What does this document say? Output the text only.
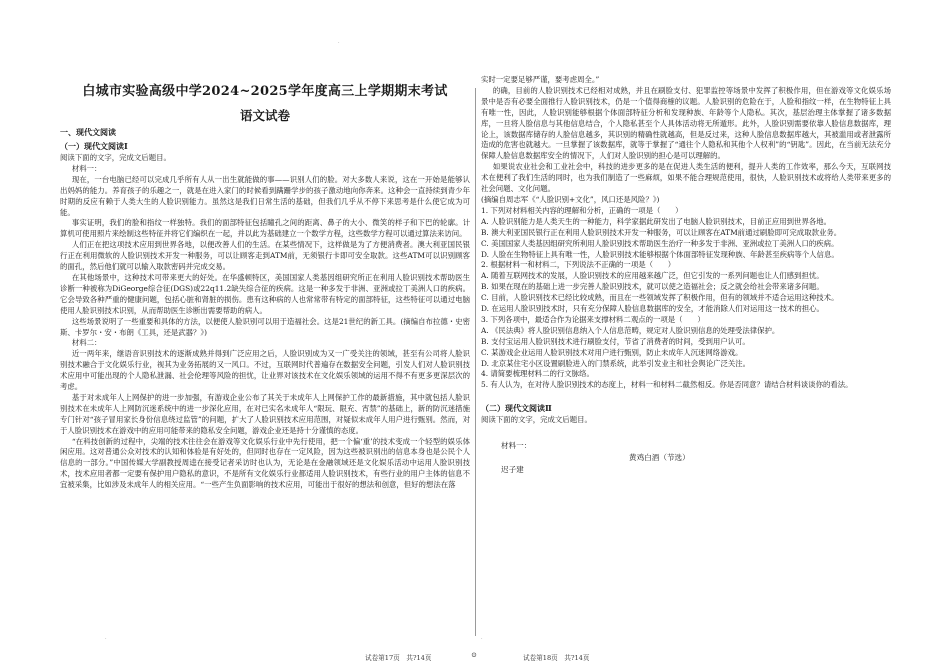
·
白城市实验高级中学2024~2025学年度高三上学期期末考试
语文试卷
一、现代文阅读
（一）现代文阅读Ⅰ

阅读下面的文字，完成文后题目。

材料一：

现在，一台电脑已经可以完成几乎所有人从一出生就能做的事——识别人们的脸。对大多数人来说，这在一开始是能够认出妈妈的能力。养育孩子的乐趣之一，就是在进入家门的时候看到蹒跚学步的孩子激动地向你奔来。这种会一直持续到青少年时期的反应有赖于人类大生的人脸识别能力。虽然这是我们日常生活的基础，但我们几乎从不停下来思考是什么使它成为可能。

事实证明，我们的脸和指纹一样独特。我们的面部特征包括瞳孔之间的距离、鼻子的大小、微笑的样子和下巴的轮廓。计算机可使用照片来绘制这些特征并将它们编织在一起，并以此为基础建立一个数学方程，这些数学方程可以通过算法来访问。

人们正在把这项技术应用到世界各地，以便改善人们的生活。在某些情况下，这样做是为了方便消费者。澳大利亚国民银行正在利用微软的人脸识别技术开发一种服务，可以让顾客走到ATM前，无须银行卡即可安全取款。这些ATM可以识别顾客的面孔，然后他们就可以输入取款密码并完成交易。

在其他场景中，这种技术可带来更大的好处。在华盛顿特区，美国国家人类基因组研究所正在利用人脸识别技术帮助医生诊断一种被称为DiGeorge综合征(DGS)或22q11.2缺失综合征的疾病。这是一种多发于非洲、亚洲或拉丁美洲人口的疾病。它会导致各种严重的健康问题，包括心脏和肾脏的损伤。患有这种病的人也常常带有特定的面部特征，这些特征可以通过电脑使用人脸识别技术识别，从而帮助医生诊断出需要帮助的病人。

这些场景说明了一些重要和具体的方法，以便使人脸识别可以用于造福社会。这是21世纪的新工具。(摘编自布拉德・史密斯、卡罗尔・安・布朗《工具，还是武器？》)

材料二：

近一两年来，继语音识别技术的逐渐成熟并得到广泛应用之后，人脸识别成为又一广受关注的领域，甚至有公司将人脸识别技术融合于文化娱乐行业，视其为业务拓展的又一风口。不过，互联网时代普遍存在数据安全问题，引发人们对人脸识别技术应用中可能出现的个人隐私泄漏、社会伦理等风险的担忧，让业界对该技术在文化娱乐领域的运用不得不有更多更深层次的考虑。

基于对未成年人上网保护的进一步加强，有游戏企业公布了其关于未成年人上网保护工作的最新措施，其中就包括人脸识别技术在未成年人上网防沉迷系统中的进一步深化应用，在对已实名未成年人“限玩、限充、宵禁”的基础上，新的防沉迷措施专门针对“孩子冒用家长身份信息绕过监管”的问题，扩大了人脸识别技术应用范围，对疑似未成年人用户进行甄别。然而，对于人脸识别技术在游戏中的应用可能带来的隐私安全问题，游戏企业还是持十分谨慎的态度。

“在科技创新的过程中，尖端的技术往往会在游戏等文化娱乐行业中先行使用，把一个偏‘重’的技术变成一个轻型的娱乐体闲应用。这对普通公众对技术的认知和体验是有好处的，但同时也存在一定风险，因为这些被识别出的信息本身也是公民个人信息的一部分。”中国传媒大学副教授周逵在接受记者采访时也认为，无论是在金融领域还是文化娱乐活动中运用人脸识别技术，技术应用者都一定要有保护用户隐私的意识，不是所有文化娱乐行业都适用人脸识别技术，有些行业的用户主体的信息不宜被采集，比如涉及未成年人的相关应用。“一些产生负面影响的技术应用，可能出于很好的想法和创意，但好的想法在落

实时一定要足够严谨，要考虑周全。”

的确，目前的人脸识别技术已经相对成熟，并且在刷脸支付、犯罪监控等场景中发挥了积极作用，但在游戏等文化娱乐场景中是否有必要全面推行人脸识别技术，仍是一个值得商榷的议题。人脸识别的危险在于，人脸和指纹一样，在生物特征上具有唯一性，因此，人脸识别能够根据个体面部特征分析和发现种族、年龄等个人隐私。其次，基层治理主体掌握了诸多数据库，一旦将人脸信息与其他信息结合，个人隐私甚至个人具体活动将无所遁形。此外，人脸识别需要依靠人脸信息数据库，理论上，该数据库储存的人脸信息越多，其识别的精确性就越高，但是反过来，这种人脸信息数据库越大，其被滥用或者泄露所造成的危害也就越大。一旦掌握了该数据库，就等于掌握了“通往个人隐私和其他个人权利”的“钥匙”。因此，在当前无法充分保障人脸信息数据库安全的情况下，人们对人脸识别的担心是可以理解的。

如果说农业社会和工业社会中，科技的进步更多的是在促进人类生活的便利，提升人类的工作效率，那么今天，互联网技术在便利了我们生活的同时，也为我们制造了一些麻烦，如果不能合理规范使用，很快，人脸识别技术或将给人类带来更多的社会问题、文化问题。

(摘编自周志军《“人脸识别+文化”，风口还是风险？》)

1. 下列对材料相关内容的理解和分析，正确的一项是（　　）

A. 人脸识别能力是人类天生的一种能力，科学家据此研发出了电脑人脸识别技术，目前正应用到世界各地。

B. 澳大利亚国民银行正在利用人脸识别技术开发一种服务，可以让顾客在ATM前通过刷脸即可完成取款业务。

C. 美国国家人类基因组研究所利用人脸识别技术帮助医生治疗一种多发于非洲、亚洲或拉丁美洲人口的疾病。

D. 人脸在生物特征上具有唯一性，人脸识别技术能够根据个体面部特征发现种族、年龄甚至疾病等个人信息。

2. 根据材料一和材料二，下列说法不正确的一项是（　　）

A. 随着互联网技术的发展，人脸识别技术的应用越来越广泛，但它引发的一系列问题也让人们感到担忧。

B. 如果在现在的基础上进一步完善人脸识别技术，就可以使之造福社会；反之就会给社会带来诸多问题。

C. 目前，人脸识别技术已经比较成熟，而且在一些领域发挥了积极作用，但有的领域并不适合运用这种技术。

D. 在运用人脸识别技术时，只有充分保障人脸信息数据库的安全，才能消除人们对运用这一技术的担心。

3. 下列各项中，最适合作为论据来支撑材料二观点的一项是（　　）

A. 《民法典》将人脸识别信息纳入个人信息范畴，规定对人脸识别信息的处理受法律保护。

B. 支付宝运用人脸识别技术进行刷脸支付，节省了消费者的时间，受到用户认可。

C. 某游戏企业运用人脸识别技术对用户进行甄别，防止未成年人沉迷网络游戏。

D. 北京某住宅小区设置刷脸进入的门禁系统，此举引发业主和社会舆论广泛关注。

4. 请简要梳理材料二的行文脉络。

5. 有人认为，在对待人脸识别技术的态度上，材料一和材料二截然相反。你是否同意？请结合材料谈谈你的看法。

（二）现代文阅读Ⅱ

阅读下面的文字，完成文后题目。

材料一：
黄鸡白酒（节选）
迟子建
·	·
试卷第17页　共?14页	⊙	试卷第18页　共?14页
